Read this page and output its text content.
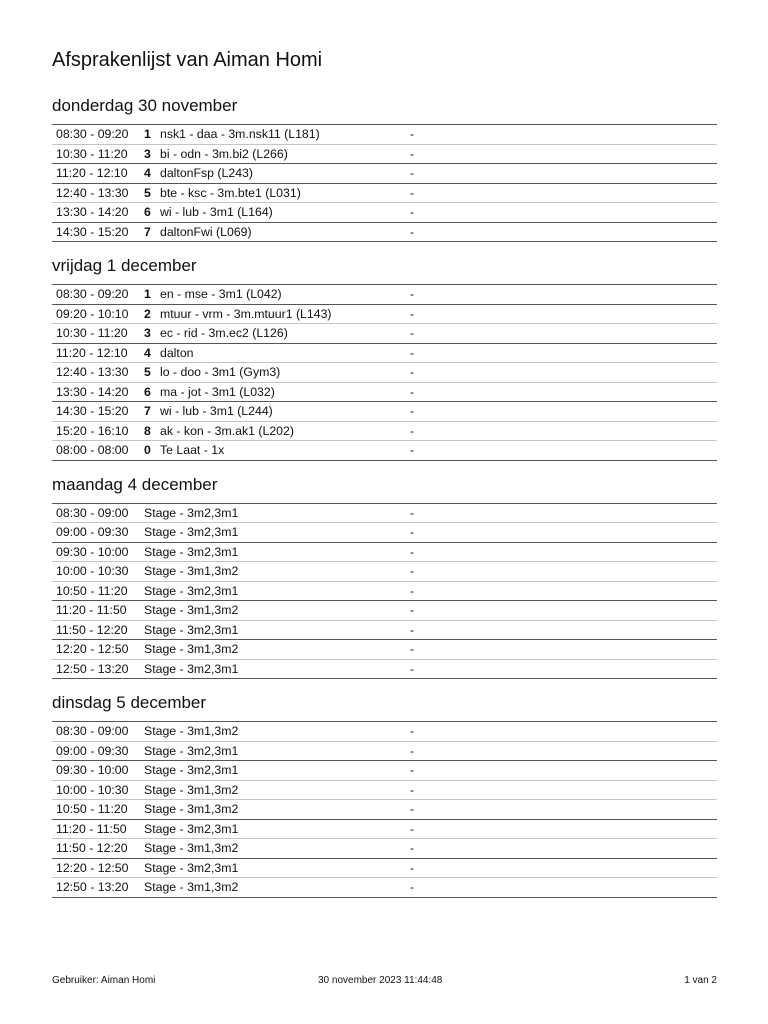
Afsprakenlijst van Aiman Homi
donderdag 30 november
08:30 - 09:20	1	nsk1 - daa - 3m.nsk11 (L181)	-
10:30 - 11:20	3	bi - odn - 3m.bi2 (L266)	-
11:20 - 12:10	4	daltonFsp (L243)	-
12:40 - 13:30	5	bte - ksc - 3m.bte1 (L031)	-
13:30 - 14:20	6	wi - lub - 3m1 (L164)	-
14:30 - 15:20	7	daltonFwi (L069)	-
vrijdag 1 december
08:30 - 09:20	1	en - mse - 3m1 (L042)	-
09:20 - 10:10	2	mtuur - vrm - 3m.mtuur1 (L143)	-
10:30 - 11:20	3	ec - rid - 3m.ec2 (L126)	-
11:20 - 12:10	4	dalton	-
12:40 - 13:30	5	lo - doo - 3m1 (Gym3)	-
13:30 - 14:20	6	ma - jot - 3m1 (L032)	-
14:30 - 15:20	7	wi - lub - 3m1 (L244)	-
15:20 - 16:10	8	ak - kon - 3m.ak1 (L202)	-
08:00 - 08:00	0	Te Laat - 1x	-
maandag 4 december
08:30 - 09:00	Stage - 3m2,3m1	-
09:00 - 09:30	Stage - 3m2,3m1	-
09:30 - 10:00	Stage - 3m2,3m1	-
10:00 - 10:30	Stage - 3m1,3m2	-
10:50 - 11:20	Stage - 3m2,3m1	-
11:20 - 11:50	Stage - 3m1,3m2	-
11:50 - 12:20	Stage - 3m2,3m1	-
12:20 - 12:50	Stage - 3m1,3m2	-
12:50 - 13:20	Stage - 3m2,3m1	-
dinsdag 5 december
08:30 - 09:00	Stage - 3m1,3m2	-
09:00 - 09:30	Stage - 3m2,3m1	-
09:30 - 10:00	Stage - 3m2,3m1	-
10:00 - 10:30	Stage - 3m1,3m2	-
10:50 - 11:20	Stage - 3m1,3m2	-
11:20 - 11:50	Stage - 3m2,3m1	-
11:50 - 12:20	Stage - 3m1,3m2	-
12:20 - 12:50	Stage - 3m2,3m1	-
12:50 - 13:20	Stage - 3m1,3m2	-
Gebruiker: Aiman Homi	30 november 2023 11:44:48	1 van 2
